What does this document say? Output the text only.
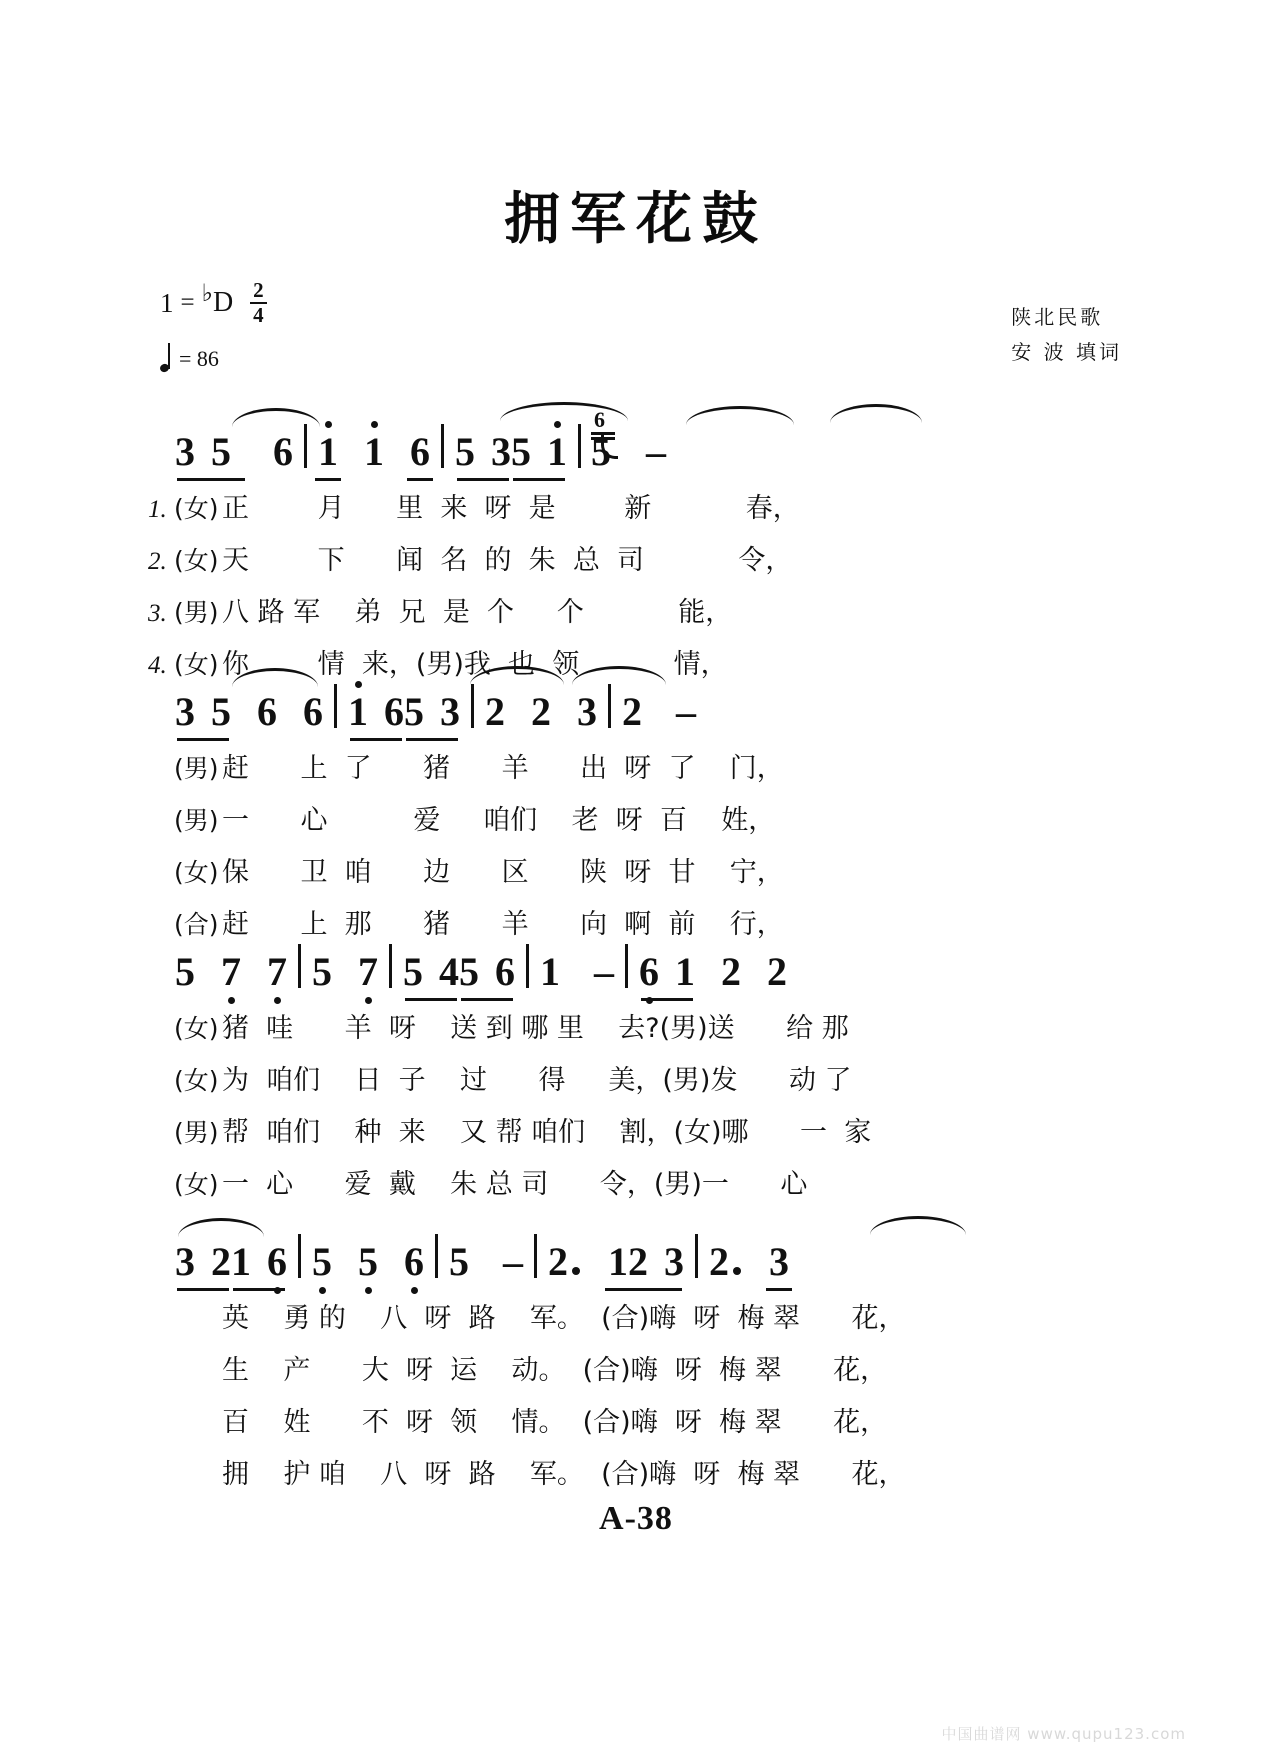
拥军花鼓
1 = ♭D $\frac{2}{4}$
= 86
陕北民歌
安 波 填词
3 5 6 1 1 6 5 3 5 1
6
5 –
1. (女) 正        月      里  来  呀  是        新           春，
2. (女) 天        下      闻  名  的  朱  总  司           令，
3. (男) 八 路 军    弟  兄  是  个     个           能，
4. (女) 你        情  来，(男)我  也  领           情，
3 5 6 6 1 6 5 3 2 2 3 2 –
(男) 赶      上  了      猪      羊      出  呀  了    门，
(男) 一      心          爱     咱们    老  呀  百    姓，
(女) 保      卫  咱      边      区      陕  呀  甘    宁，
(合) 赶      上  那      猪      羊      向  啊  前    行，
5 7 7 5 7 5 4 5 6 1 – 6 1 2 2
(女) 猪  哇      羊  呀    送 到 哪 里    去?(男)送      给 那
(女) 为  咱们    日  子    过      得     美，(男)发      动 了
(男) 帮  咱们    种  来    又 帮 咱们    割，(女)哪      一  家
(女) 一  心      爱  戴    朱 总 司      令，(男)一      心
3 2 1 6 5 5 6 5 – 2 1 2 3 2 3
英    勇 的    八  呀  路    军。  (合)嗨  呀  梅 翠      花，
生    产      大  呀  运    动。  (合)嗨  呀  梅 翠      花，
百    姓      不  呀  领    情。  (合)嗨  呀  梅 翠      花，
拥    护 咱    八  呀  路    军。  (合)嗨  呀  梅 翠      花，
A-38
中国曲谱网 www.qupu123.com
